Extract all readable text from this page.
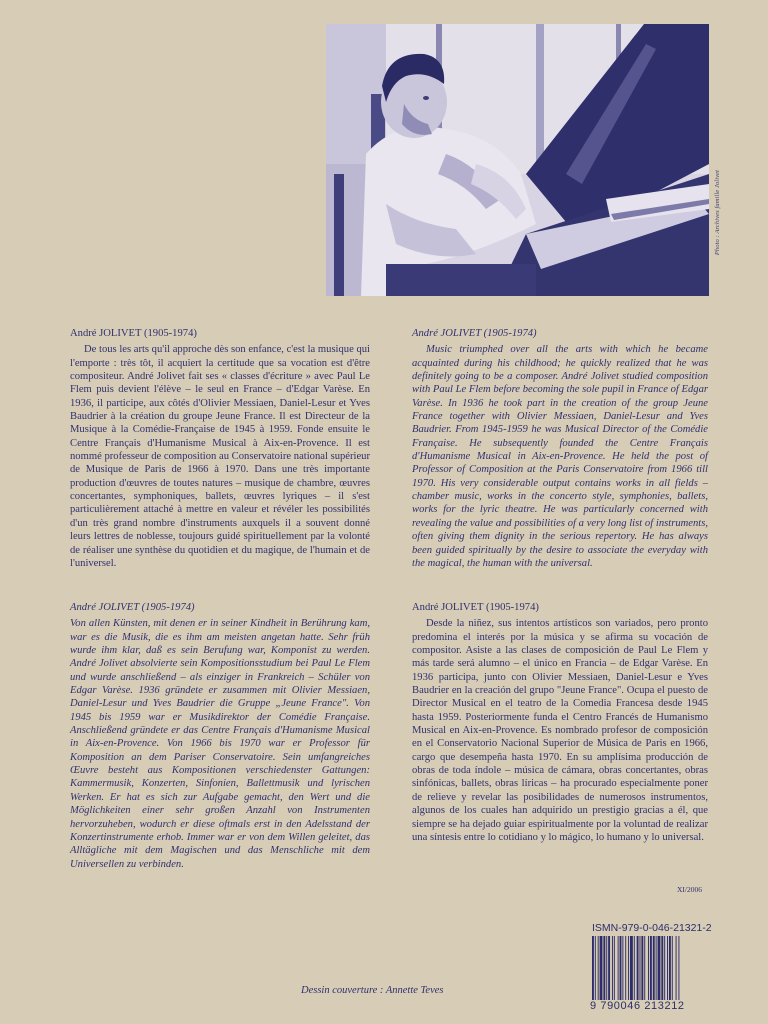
Photo : Archives famille Jolivet
André JOLIVET (1905-1974)

De tous les arts qu'il approche dès son enfance, c'est la musique qui l'emporte : très tôt, il acquiert la certitude que sa vocation est d'être compositeur. André Jolivet fait ses « classes d'écriture » avec Paul Le Flem puis devient l'élève – le seul en France – d'Edgar Varèse. En 1936, il participe, aux côtés d'Olivier Messiaen, Daniel-Lesur et Yves Baudrier à la création du groupe Jeune France. Il est Directeur de la Musique à la Comédie-Française de 1945 à 1959. Fonde ensuite le Centre Français d'Humanisme Musical à Aix-en-Provence. Il est nommé professeur de composition au Conservatoire national supérieur de Musique de Paris de 1966 à 1970. Dans une très importante production d'œuvres de toutes natures – musique de chambre, œuvres concertantes, symphoniques, ballets, œuvres lyriques – il s'est particulièrement attaché à mettre en valeur et révéler les possibilités d'un très grand nombre d'instruments auxquels il a souvent donné leurs lettres de noblesse, toujours guidé spirituellement par la volonté de réaliser une synthèse du quotidien et du magique, de l'humain et de l'universel.

André JOLIVET (1905-1974)

Music triumphed over all the arts with which he became acquainted during his childhood; he quickly realized that he was definitely going to be a composer. André Jolivet studied composition with Paul Le Flem before becoming the sole pupil in France of Edgar Varèse. In 1936 he took part in the creation of the group Jeune France together with Olivier Messiaen, Daniel-Lesur and Yves Baudrier. From 1945-1959 he was Musical Director of the Comédie Française. He subsequently founded the Centre Français d'Humanisme Musical in Aix-en-Provence. He held the post of Professor of Composition at the Paris Conservatoire from 1966 till 1970. His very considerable output contains works in all fields – chamber music, works in the concerto style, symphonies, ballets, works for the lyric theatre. He was particularly concerned with revealing the value and possibilities of a very long list of instruments, often giving them dignity in the serious repertory. He has always been guided spiritually by the desire to associate the everyday with the magical, the human with the universal.

André JOLIVET (1905-1974)

Von allen Künsten, mit denen er in seiner Kindheit in Berührung kam, war es die Musik, die es ihm am meisten angetan hatte. Sehr früh wurde ihm klar, daß es sein Berufung war, Komponist zu werden. André Jolivet absolvierte sein Kompositionsstudium bei Paul Le Flem und wurde anschließend – als einziger in Frankreich – Schüler von Edgar Varèse. 1936 gründete er zusammen mit Olivier Messiaen, Daniel-Lesur und Yves Baudrier die Gruppe „Jeune France". Von 1945 bis 1959 war er Musikdirektor der Comédie Française. Anschließend gründete er das Centre Français d'Humanisme Musical in Aix-en-Provence. Von 1966 bis 1970 war er Professor für Komposition an dem Pariser Conservatoire. Sein umfangreiches Œuvre besteht aus Kompositionen verschiedenster Gattungen: Kammermusik, Konzerten, Sinfonien, Ballettmusik und lyrischen Werken. Er hat es sich zur Aufgabe gemacht, den Wert und die Möglichkeiten einer sehr großen Anzahl von Instrumenten hervorzuheben, wodurch er diese oftmals erst in den Adelsstand der Konzertinstrumente erhob. Immer war er von dem Willen geleitet, das Alltägliche mit dem Magischen und das Menschliche mit dem Universellen zu verbinden.

André JOLIVET (1905-1974)

Desde la niñez, sus intentos artísticos son variados, pero pronto predomina el interés por la música y se afirma su vocación de compositor. Asiste a las clases de composición de Paul Le Flem y más tarde será alumno – el único en Francia – de Edgar Varèse. En 1936 participa, junto con Olivier Messiaen, Daniel-Lesur e Yves Baudrier en la creación del grupo "Jeune France". Ocupa el puesto de Director Musical en el teatro de la Comedia Francesa desde 1945 hasta 1959. Posteriormente funda el Centro Francés de Humanismo Musical en Aix-en-Provence. Es nombrado profesor de composición en el Conservatorio Nacional Superior de Música de Paris en 1966, cargo que desempeña hasta 1970. En su amplísima producción de obras de toda índole – música de cámara, obras concertantes, obras sinfónicas, ballets, obras líricas – ha procurado especialmente poner de relieve y revelar las posibilidades de numerosos instrumentos, algunos de los cuales han adquirido un prestigio gracias a él, que siempre se ha dejado guiar espiritualmente por la voluntad de realizar una síntesis entre lo cotidiano y lo mágico, lo humano y lo universal.

XI/2006
ISMN-979-0-046-21321-2
9 790046 213212
Dessin couverture : Annette Teves
